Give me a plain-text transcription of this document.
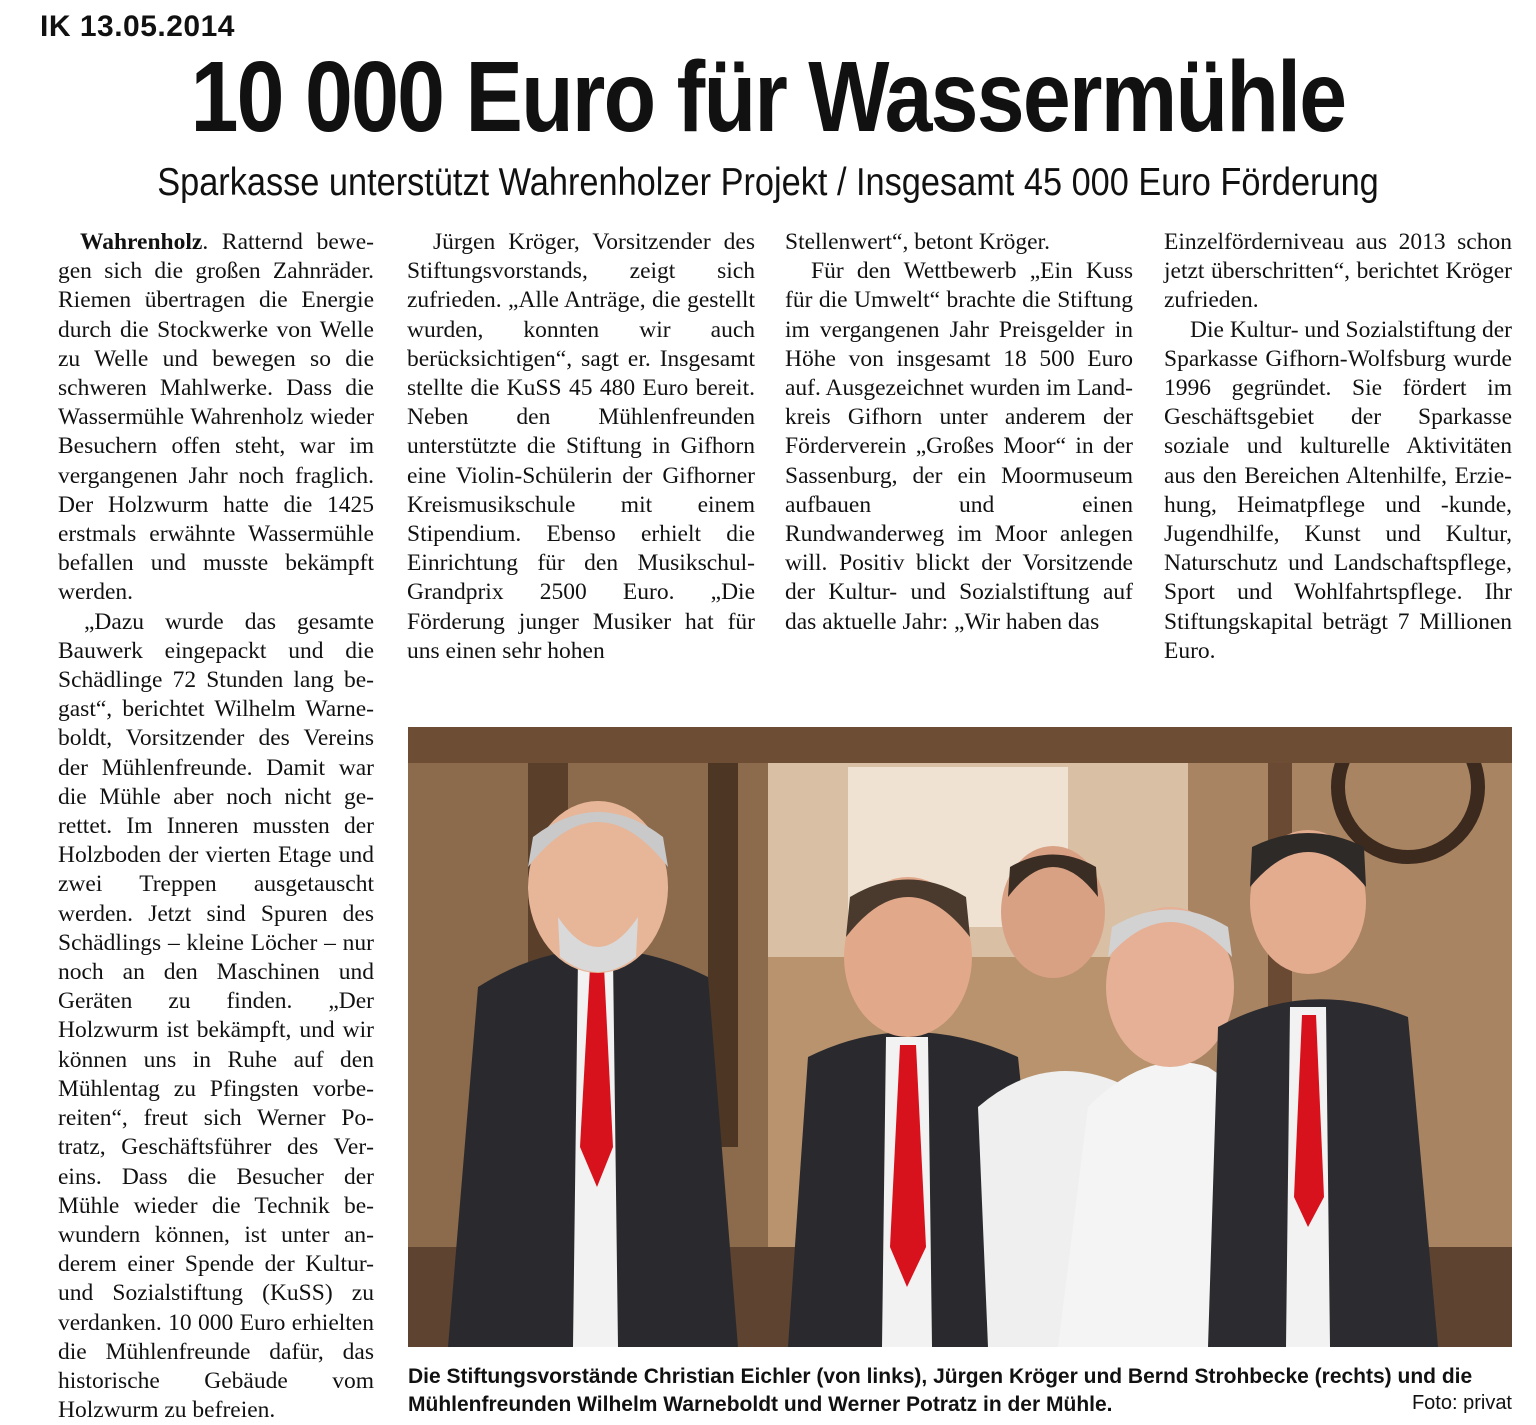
IK 13.05.2014
10 000 Euro für Wassermühle
Sparkasse unterstützt Wahrenholzer Projekt / Insgesamt 45 000 Euro Förderung

Wahrenholz. Ratternd bewegen sich die großen Zahnräder. Riemen übertragen die Energie durch die Stockwerke von Welle zu Welle und bewegen so die schweren Mahlwerke. Dass die Wassermühle Wahrenholz wieder Besuchern offen steht, war im vergangenen Jahr noch fraglich. Der Holzwurm hatte die 1425 erstmals erwähnte Wassermühle befallen und musste bekämpft werden.

„Dazu wurde das gesamte Bauwerk eingepackt und die Schädlinge 72 Stunden lang begast“, berichtet Wilhelm Warneboldt, Vorsitzender des Vereins der Mühlenfreunde. Damit war die Mühle aber noch nicht gerettet. Im Inneren mussten der Holzboden der vierten Etage und zwei Treppen ausgetauscht werden. Jetzt sind Spuren des Schädlings – kleine Löcher – nur noch an den Maschinen und Geräten zu finden. „Der Holzwurm ist bekämpft, und wir können uns in Ruhe auf den Mühlentag zu Pfingsten vorbereiten“, freut sich Werner Potratz, Geschäftsführer des Vereins. Dass die Besucher der Mühle wieder die Technik bewundern können, ist unter anderem einer Spende der Kultur- und Sozialstiftung (KuSS) zu verdanken. 10 000 Euro erhielten die Mühlenfreunde dafür, das historische Gebäude vom Holzwurm zu befreien.

Jürgen Kröger, Vorsitzender des Stiftungsvorstands, zeigt sich zufrieden. „Alle Anträge, die gestellt wurden, konnten wir auch berücksichtigen“, sagt er. Insgesamt stellte die KuSS 45 480 Euro bereit. Neben den Mühlenfreunden unterstützte die Stiftung in Gifhorn eine Violin-Schülerin der Gifhorner Kreismusikschule mit einem Stipendium. Ebenso erhielt die Einrichtung für den Musikschul-Grandprix 2500 Euro. „Die Förderung junger Musiker hat für uns einen sehr hohen

Stellenwert“, betont Kröger.

Für den Wettbewerb „Ein Kuss für die Umwelt“ brachte die Stiftung im vergangenen Jahr Preisgelder in Höhe von insgesamt 18 500 Euro auf. Ausgezeichnet wurden im Landkreis Gifhorn unter anderem der Förderverein „Großes Moor“ in der Sassenburg, der ein Moormuseum aufbauen und einen Rundwanderweg im Moor anlegen will. Positiv blickt der Vorsitzende der Kultur- und Sozialstiftung auf das aktuelle Jahr: „Wir haben das

Einzelförderniveau aus 2013 schon jetzt überschritten“, berichtet Kröger zufrieden.

Die Kultur- und Sozialstiftung der Sparkasse Gifhorn-Wolfsburg wurde 1996 gegründet. Sie fördert im Geschäftsgebiet der Sparkasse soziale und kulturelle Aktivitäten aus den Bereichen Altenhilfe, Erziehung, Heimatpflege und -kunde, Jugendhilfe, Kunst und Kultur, Naturschutz und Landschaftspflege, Sport und Wohlfahrtspflege. Ihr Stiftungskapital beträgt 7 Millionen Euro.

Die Stiftungsvorstände Christian Eichler (von links), Jürgen Kröger und Bernd Strohbecke (rechts) und die Mühlenfreunden Wilhelm Warneboldt und Werner Potratz in der Mühle.	Foto: privat
